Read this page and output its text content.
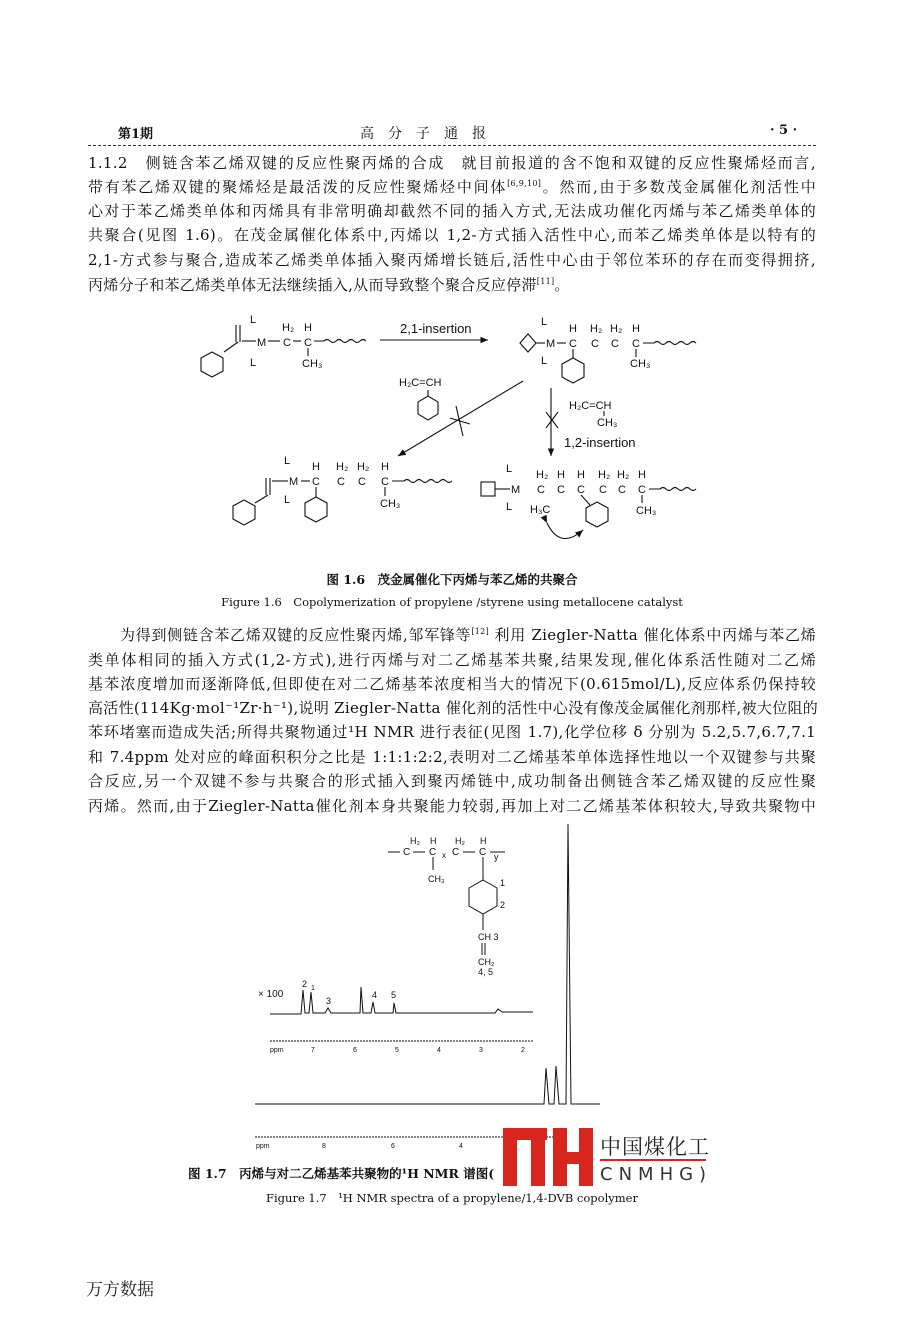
第1期	高　分　子　通　报	· 5 ·
1.1.2　侧链含苯乙烯双键的反应性聚丙烯的合成　就目前报道的含不饱和双键的反应性聚烯烃而言,
带有苯乙烯双键的聚烯烃是最活泼的反应性聚烯烃中间体[6,9,10]。然而,由于多数茂金属催化剂活性中
心对于苯乙烯类单体和丙烯具有非常明确却截然不同的插入方式,无法成功催化丙烯与苯乙烯类单体的
共聚合(见图 1.6)。在茂金属催化体系中,丙烯以 1,2-方式插入活性中心,而苯乙烯类单体是以特有的
2,1-方式参与聚合,造成苯乙烯类单体插入聚丙烯增长链后,活性中心由于邻位苯环的存在而变得拥挤,
丙烯分子和苯乙烯类单体无法继续插入,从而导致整个聚合反应停滞[11]。
M
L
L
H₂
C
H
C
CH₃
2,1-insertion
M
L
L
H
C
H₂
C
H₂
C
H
C
CH₃
H₂C=CH
H₂C=CH
CH₃
1,2-insertion
M
L
L
H
C
H₂
C
H₂
C
H
C
CH₃
M
L
L
H₂
C
H
C
H₃C
H
C
H₂
C
H₂
C
H
C
CH₃
图 1.6　茂金属催化下丙烯与苯乙烯的共聚合
Figure 1.6　Copolymerization of propylene /styrene using metallocene catalyst
为得到侧链含苯乙烯双键的反应性聚丙烯,邹军锋等[12] 利用 Ziegler-Natta 催化体系中丙烯与苯乙烯
类单体相同的插入方式(1,2-方式),进行丙烯与对二乙烯基苯共聚,结果发现,催化体系活性随对二乙烯
基苯浓度增加而逐渐降低,但即使在对二乙烯基苯浓度相当大的情况下(0.615mol/L),反应体系仍保持较
高活性(114Kg·mol⁻¹Zr·h⁻¹),说明 Ziegler-Natta 催化剂的活性中心没有像茂金属催化剂那样,被大位阻的
苯环堵塞而造成失活;所得共聚物通过¹H NMR 进行表征(见图 1.7),化学位移 δ 分别为 5.2,5.7,6.7,7.1
和 7.4ppm 处对应的峰面积积分之比是 1:1:1:2:2,表明对二乙烯基苯单体选择性地以一个双键参与共聚
合反应,另一个双键不参与共聚合的形式插入到聚丙烯链中,成功制备出侧链含苯乙烯双键的反应性聚
丙烯。然而,由于Ziegler-Natta催化剂本身共聚能力较弱,再加上对二乙烯基苯体积较大,导致共聚物中
C
H₂ H
C x
H₂
C
H
C y
CH₃	1
2
CH 3
CH₂
4, 5
× 100
2 1
3
4 5
ppm	7	6	5	4	3	2
ppm	8	6	4
图 1.7　丙烯与对二乙烯基苯共聚物的¹H NMR 谱图(
Figure 1.7　¹H NMR spectra of a propylene/1,4-DVB copolymer
中国煤化工
CNMHG)
万方数据
